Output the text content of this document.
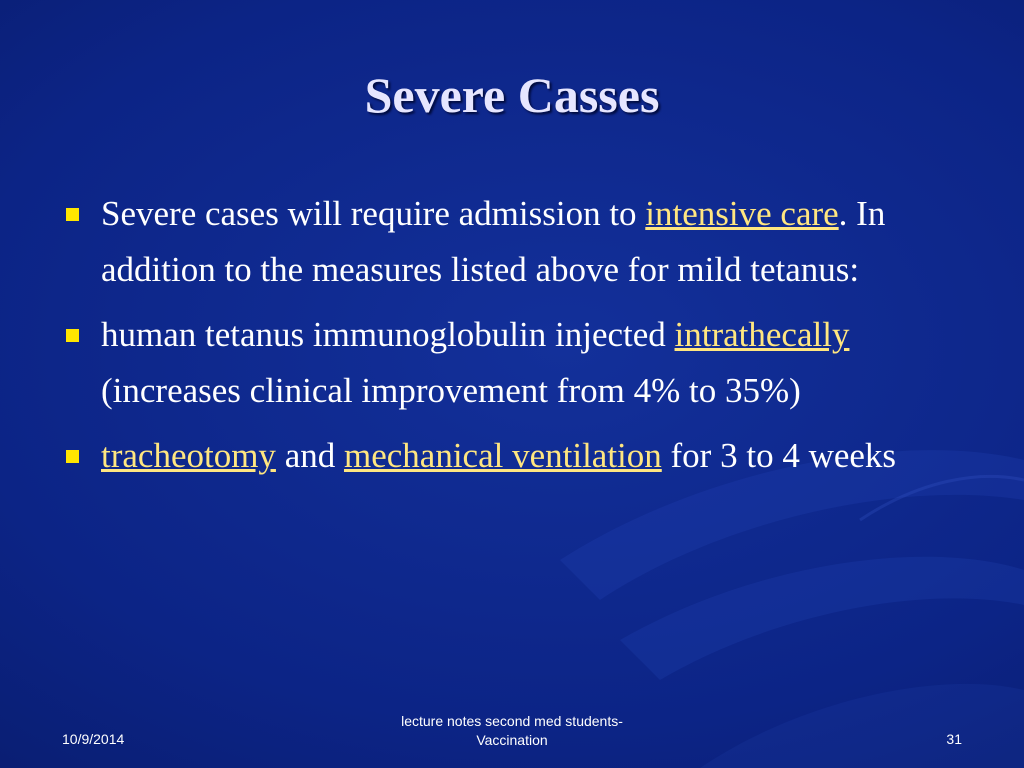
Severe Casses
Severe cases will require admission to intensive care. In addition to the measures listed above for mild tetanus:
human tetanus immunoglobulin injected intrathecally (increases clinical improvement from 4% to 35%)
tracheotomy and mechanical ventilation for 3 to 4 weeks
10/9/2014
lecture notes second med students-
Vaccination	31
